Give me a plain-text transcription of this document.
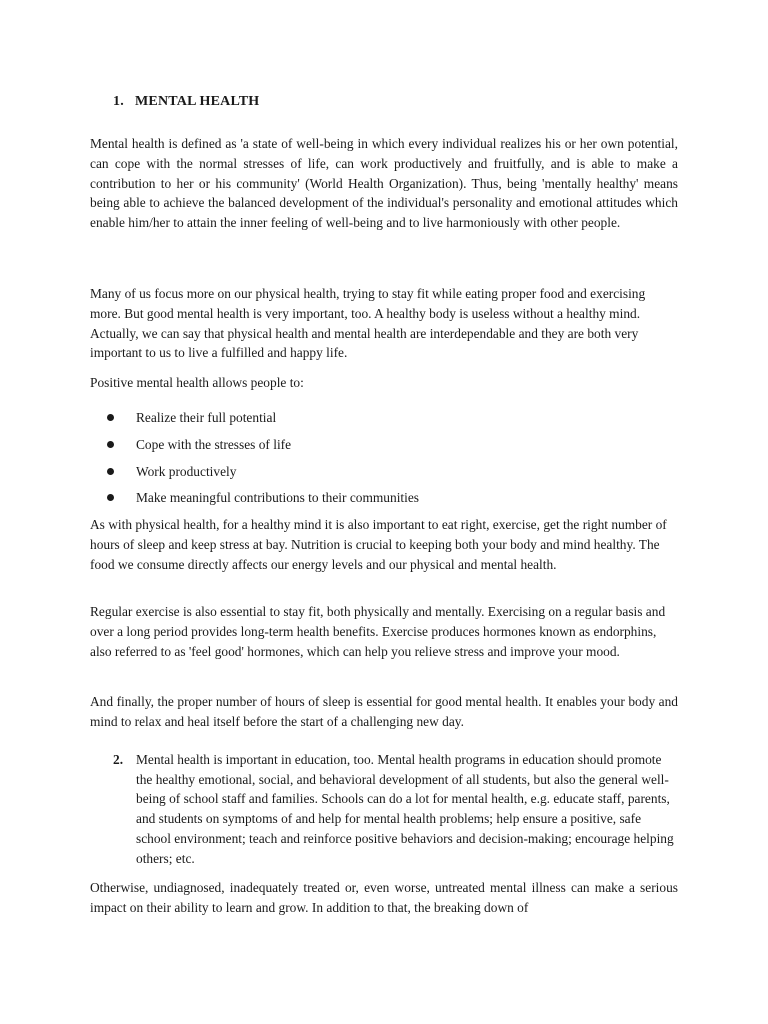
1. MENTAL HEALTH

Mental health is defined as 'a state of well-being in which every individual realizes his or her own potential, can cope with the normal stresses of life, can work productively and fruitfully, and is able to make a contribution to her or his community' (World Health Organization). Thus, being 'mentally healthy' means being able to achieve the balanced development of the individual's personality and emotional attitudes which enable him/her to attain the inner feeling of well-being and to live harmoniously with other people.

Many of us focus more on our physical health, trying to stay fit while eating proper food and exercising more. But good mental health is very important, too. A healthy body is useless without a healthy mind. Actually, we can say that physical health and mental health are interdependable and they are both very important to us to live a fulfilled and happy life.

Positive mental health allows people to:

Realize their full potential
Cope with the stresses of life
Work productively
Make meaningful contributions to their communities

As with physical health, for a healthy mind it is also important to eat right, exercise, get the right number of hours of sleep and keep stress at bay. Nutrition is crucial to keeping both your body and mind healthy. The food we consume directly affects our energy levels and our physical and mental health.

Regular exercise is also essential to stay fit, both physically and mentally. Exercising on a regular basis and over a long period provides long-term health benefits. Exercise produces hormones known as endorphins, also referred to as 'feel good' hormones, which can help you relieve stress and improve your mood.

And finally, the proper number of hours of sleep is essential for good mental health. It enables your body and mind to relax and heal itself before the start of a challenging new day.

2. Mental health is important in education, too. Mental health programs in education should promote the healthy emotional, social, and behavioral development of all students, but also the general well-being of school staff and families. Schools can do a lot for mental health, e.g. educate staff, parents, and students on symptoms of and help for mental health problems; help ensure a positive, safe school environment; teach and reinforce positive behaviors and decision-making; encourage helping others; etc.

Otherwise, undiagnosed, inadequately treated or, even worse, untreated mental illness can make a serious impact on their ability to learn and grow. In addition to that, the breaking down of
